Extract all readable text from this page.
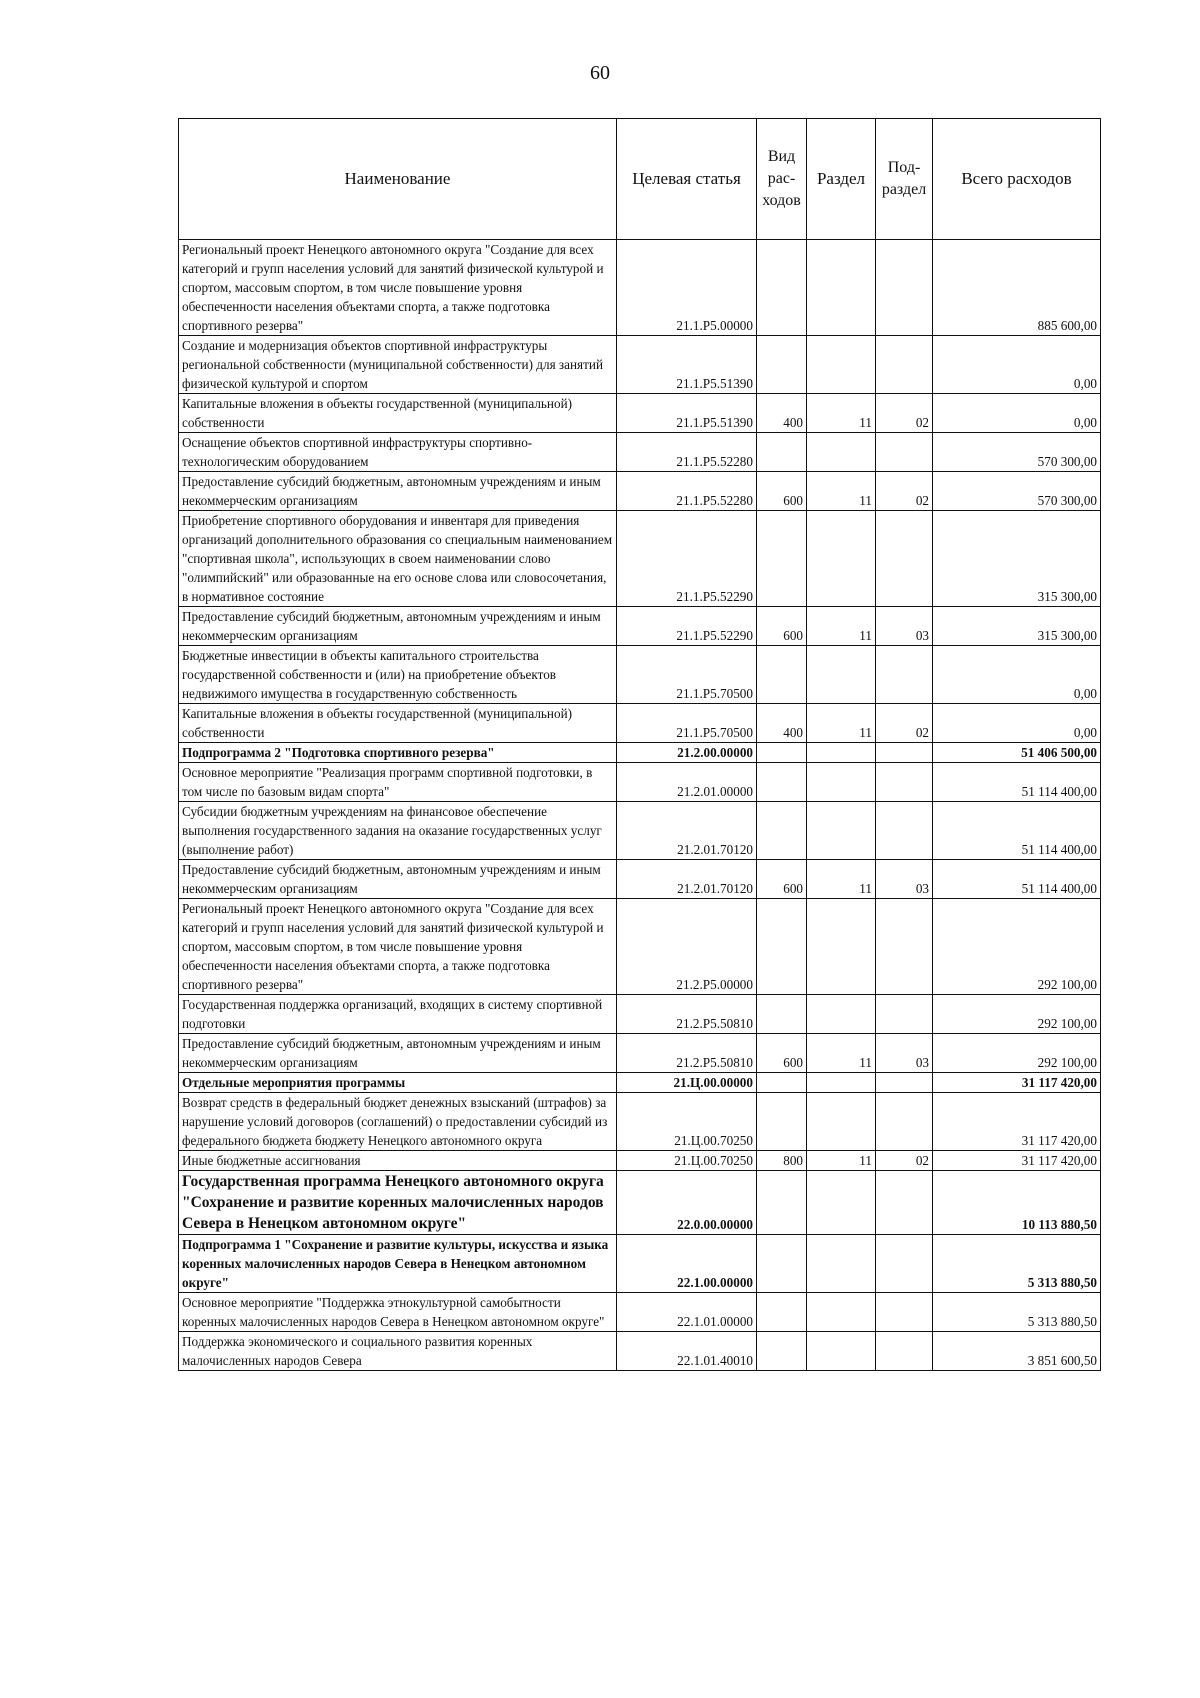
60
Наименование	Целевая статья	Вид рас-ходов	Раздел	Под-раздел	Всего расходов
Региональный проект Ненецкого автономного округа "Создание для всех категорий и групп населения условий для занятий физической культурой и спортом, массовым спортом, в том числе повышение уровня обеспеченности населения объектами спорта, а также подготовка спортивного резерва"	21.1.P5.00000				885 600,00
Создание и модернизация объектов спортивной инфраструктуры региональной собственности (муниципальной собственности) для занятий физической культурой и спортом	21.1.P5.51390				0,00
Капитальные вложения в объекты государственной (муниципальной) собственности	21.1.P5.51390	400	11	02	0,00
Оснащение объектов спортивной инфраструктуры спортивно-технологическим оборудованием	21.1.P5.52280				570 300,00
Предоставление субсидий бюджетным, автономным учреждениям и иным некоммерческим организациям	21.1.P5.52280	600	11	02	570 300,00
Приобретение спортивного оборудования и инвентаря для приведения организаций дополнительного образования со специальным наименованием "спортивная школа", использующих в своем наименовании слово "олимпийский" или образованные на его основе слова или словосочетания, в нормативное состояние	21.1.P5.52290				315 300,00
Предоставление субсидий бюджетным, автономным учреждениям и иным некоммерческим организациям	21.1.P5.52290	600	11	03	315 300,00
Бюджетные инвестиции в объекты капитального строительства государственной собственности и (или) на приобретение объектов недвижимого имущества в государственную собственность	21.1.P5.70500				0,00
Капитальные вложения в объекты государственной (муниципальной) собственности	21.1.P5.70500	400	11	02	0,00
Подпрограмма 2 "Подготовка спортивного резерва"	21.2.00.00000				51 406 500,00
Основное мероприятие "Реализация программ спортивной подготовки, в том числе по базовым видам спорта"	21.2.01.00000				51 114 400,00
Субсидии бюджетным учреждениям на финансовое обеспечение выполнения государственного задания на оказание государственных услуг (выполнение работ)	21.2.01.70120				51 114 400,00
Предоставление субсидий бюджетным, автономным учреждениям и иным некоммерческим организациям	21.2.01.70120	600	11	03	51 114 400,00
Региональный проект Ненецкого автономного округа "Создание для всех категорий и групп населения условий для занятий физической культурой и спортом, массовым спортом, в том числе повышение уровня обеспеченности населения объектами спорта, а также подготовка спортивного резерва"	21.2.P5.00000				292 100,00
Государственная поддержка организаций, входящих в систему спортивной подготовки	21.2.P5.50810				292 100,00
Предоставление субсидий бюджетным, автономным учреждениям и иным некоммерческим организациям	21.2.P5.50810	600	11	03	292 100,00
Отдельные мероприятия программы	21.Ц.00.00000				31 117 420,00
Возврат средств в федеральный бюджет денежных взысканий (штрафов) за нарушение условий договоров (соглашений) о предоставлении субсидий из федерального бюджета бюджету Ненецкого автономного округа	21.Ц.00.70250				31 117 420,00
Иные бюджетные ассигнования	21.Ц.00.70250	800	11	02	31 117 420,00
Государственная программа Ненецкого автономного округа "Сохранение и развитие коренных малочисленных народов Севера в Ненецком автономном округе"	22.0.00.00000				10 113 880,50
Подпрограмма 1 "Сохранение и развитие культуры, искусства и языка коренных малочисленных народов Севера в Ненецком автономном округе"	22.1.00.00000				5 313 880,50
Основное мероприятие "Поддержка этнокультурной самобытности коренных малочисленных народов Севера в Ненецком автономном округе"	22.1.01.00000				5 313 880,50
Поддержка экономического и социального развития коренных малочисленных народов Севера	22.1.01.40010				3 851 600,50
